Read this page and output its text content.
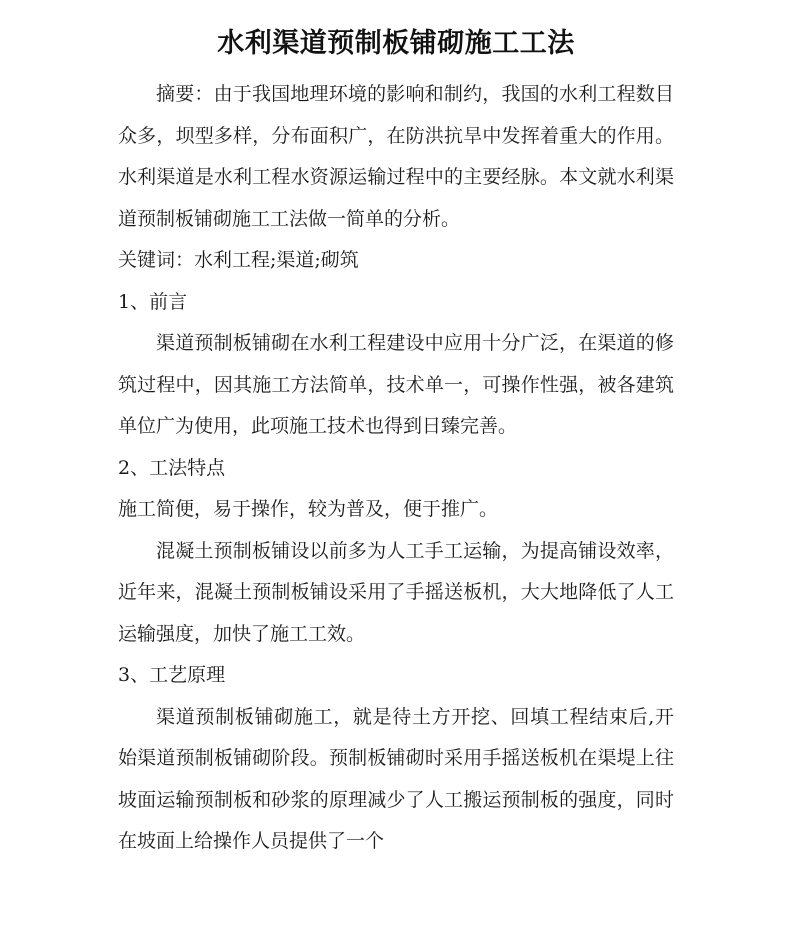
水利渠道预制板铺砌施工工法

摘要：由于我国地理环境的影响和制约，我国的水利工程数目众多，坝型多样，分布面积广，在防洪抗旱中发挥着重大的作用。水利渠道是水利工程水资源运输过程中的主要经脉。本文就水利渠道预制板铺砌施工工法做一简单的分析。

关键词：水利工程;渠道;砌筑

1、前言

渠道预制板铺砌在水利工程建设中应用十分广泛，在渠道的修筑过程中，因其施工方法简单，技术单一，可操作性强，被各建筑单位广为使用，此项施工技术也得到日臻完善。

2、工法特点

施工简便，易于操作，较为普及，便于推广。

混凝土预制板铺设以前多为人工手工运输，为提高铺设效率，近年来，混凝土预制板铺设采用了手摇送板机，大大地降低了人工运输强度，加快了施工工效。

3、工艺原理

渠道预制板铺砌施工，就是待土方开挖、回填工程结束后,开始渠道预制板铺砌阶段。预制板铺砌时采用手摇送板机在渠堤上往坡面运输预制板和砂浆的原理减少了人工搬运预制板的强度，同时在坡面上给操作人员提供了一个
